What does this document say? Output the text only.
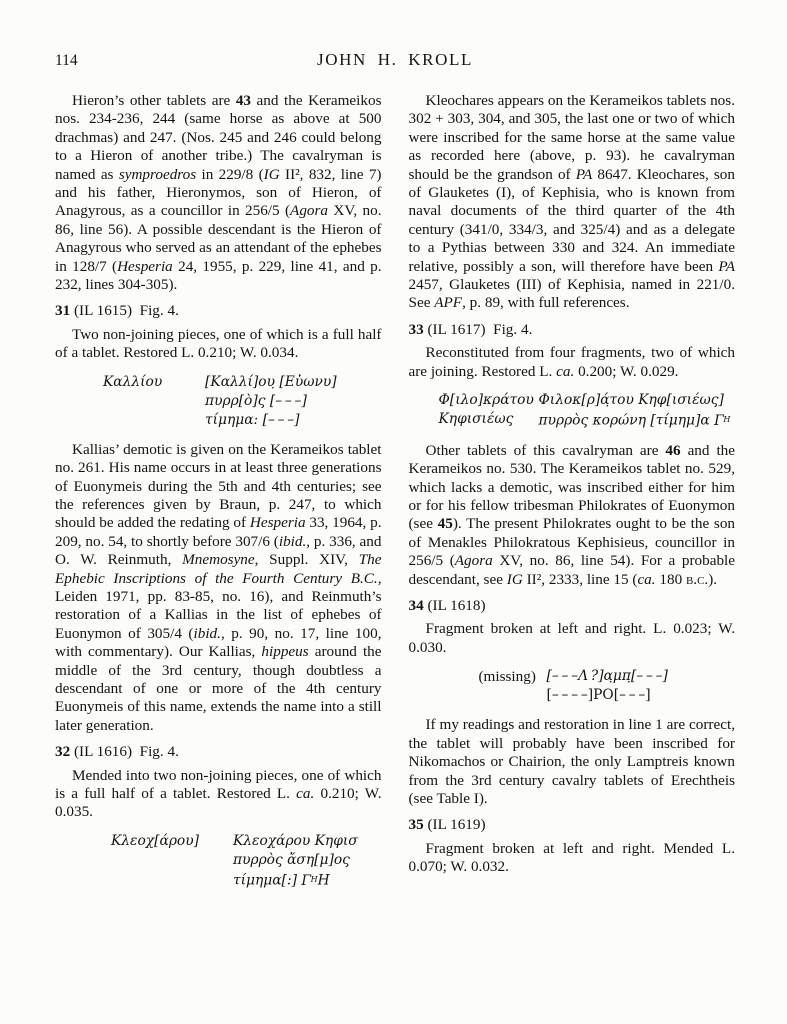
114	JOHN H. KROLL

Hieron’s other tablets are 43 and the Kerameikos nos. 234-236, 244 (same horse as above at 500 drachmas) and 247. (Nos. 245 and 246 could belong to a Hieron of another tribe.) The cavalryman is named as symproedros in 229/8 (IG II², 832, line 7) and his father, Hieronymos, son of Hieron, of Anagyrous, as a councillor in 256/5 (Agora XV, no. 86, line 56). A possible descendant is the Hieron of Anagyrous who served as an attendant of the ephebes in 128/7 (Hesperia 24, 1955, p. 229, line 41, and p. 232, lines 304-305).

31 (IL 1615)  Fig. 4.

Two non-joining pieces, one of which is a full half of a tablet. Restored L. 0.210; W. 0.034.

Καλλίου	[Καλλί]ου̣ [Εὐωνυ]
πυρρ[ὸ]ς [– – –]
τίμημα: [– – –]

Kallias’ demotic is given on the Kerameikos tablet no. 261. His name occurs in at least three generations of Euonymeis during the 5th and 4th centuries; see the references given by Braun, p. 247, to which should be added the redating of Hesperia 33, 1964, p. 209, no. 54, to shortly before 307/6 (ibid., p. 336, and O. W. Reinmuth, Mnemosyne, Suppl. XIV, The Ephebic Inscriptions of the Fourth Century B.C., Leiden 1971, pp. 83-85, no. 16), and Reinmuth’s restoration of a Kallias in the list of ephebes of Euonymon of 305/4 (ibid., p. 90, no. 17, line 100, with commentary). Our Kallias, hippeus around the middle of the 3rd century, though doubtless a descendant of one or more of the 4th century Euonymeis of this name, extends the name into a still later generation.

32 (IL 1616)  Fig. 4.

Mended into two non-joining pieces, one of which is a full half of a tablet. Restored L. ca. 0.210; W. 0.035.

Κλεοχ[άρου]	Κλεοχάρου Κηφισ
πυρρὸς ἄση[μ]ος
τίμημα[:] ΓΗΗ

Kleochares appears on the Kerameikos tablets nos. 302 + 303, 304, and 305, the last one or two of which were inscribed for the same horse at the same value as recorded here (above, p. 93). he cavalryman should be the grandson of PA 8647. Kleochares, son of Glauketes (I), of Kephisia, who is known from naval documents of the third quarter of the 4th century (341/0, 334/3, and 325/4) and as a delegate to a Pythias between 330 and 324. An immediate relative, possibly a son, will therefore have been PA 2457, Glauketes (III) of Kephisia, named in 221/0. See APF, p. 89, with full references.

33 (IL 1617)  Fig. 4.

Reconstituted from four fragments, two of which are joining. Restored L. ca. 0.200; W. 0.029.

Φ[ιλο]κράτου Φιλοκ[ρ]ά̣του Κηφ[ισιέως]
Κηφισιέως	πυρρὸς κορώνη [τίμημ]α ΓΗ

Other tablets of this cavalryman are 46 and the Kerameikos no. 530. The Kerameikos tablet no. 529, which lacks a demotic, was inscribed either for him or for his fellow tribesman Philokrates of Euonymon (see 45). The present Philokrates ought to be the son of Menakles Philokratous Kephisieus, councillor in 256/5 (Agora XV, no. 86, line 54). For a probable descendant, see IG II², 2333, line 15 (ca. 180 b.c.).

34 (IL 1618)

Fragment broken at left and right. L. 0.023; W. 0.030.

(missing) [– – –Λ ?]α̣μπ̣[– – –]
[– – – –]ΡΟ[– – –]

If my readings and restoration in line 1 are correct, the tablet will probably have been inscribed for Nikomachos or Chairion, the only Lamptreis known from the 3rd century cavalry tablets of Erechtheis (see Table I).

35 (IL 1619)

Fragment broken at left and right. Mended L. 0.070; W. 0.032.
